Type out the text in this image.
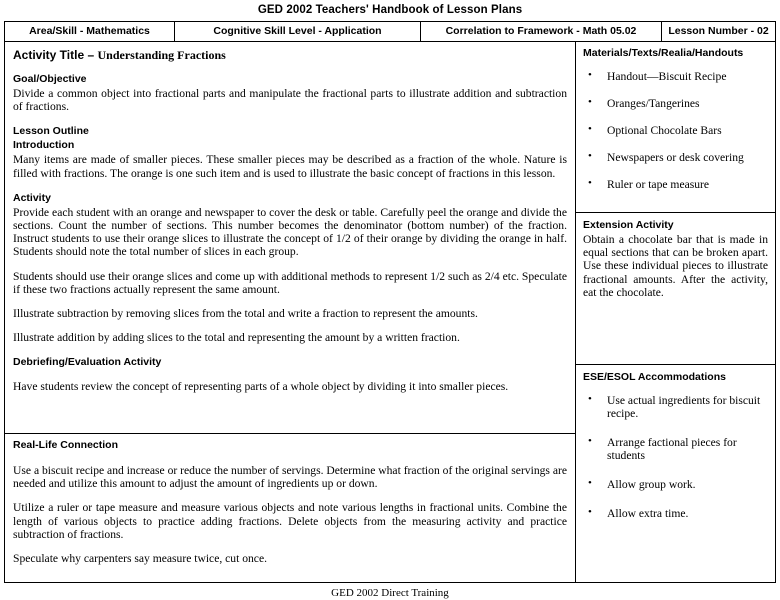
GED 2002 Teachers' Handbook of Lesson Plans
Area/Skill - Mathematics	Cognitive Skill Level - Application	Correlation to Framework - Math 05.02	Lesson Number - 02
Activity Title – Understanding Fractions
Goal/Objective

Divide a common object into fractional parts and manipulate the fractional parts to illustrate addition and subtraction of fractions.

Lesson Outline
Introduction

Many items are made of smaller pieces. These smaller pieces may be described as a fraction of the whole. Nature is filled with fractions. The orange is one such item and is used to illustrate the basic concept of fractions in this lesson.

Activity

Provide each student with an orange and newspaper to cover the desk or table. Carefully peel the orange and divide the sections. Count the number of sections. This number becomes the denominator (bottom number) of the fraction. Instruct students to use their orange slices to illustrate the concept of 1/2 of their orange by dividing the orange in half. Students should note the total number of slices in each group.

Students should use their orange slices and come up with additional methods to represent 1/2 such as 2/4 etc. Speculate if these two fractions actually represent the same amount.

Illustrate subtraction by removing slices from the total and write a fraction to represent the amounts.

Illustrate addition by adding slices to the total and representing the amount by a written fraction.

Debriefing/Evaluation Activity

Have students review the concept of representing parts of a whole object by dividing it into smaller pieces.

Real-Life Connection

Use a biscuit recipe and increase or reduce the number of servings. Determine what fraction of the original servings are needed and utilize this amount to adjust the amount of ingredients up or down.

Utilize a ruler or tape measure and measure various objects and note various lengths in fractional units. Combine the length of various objects to practice adding fractions. Delete objects from the measuring activity and practice subtraction of fractions.

Speculate why carpenters say measure twice, cut once.

Materials/Texts/Realia/Handouts
• Handout—Biscuit Recipe
• Oranges/Tangerines
• Optional Chocolate Bars
• Newspapers or desk covering
• Ruler or tape measure
Extension Activity

Obtain a chocolate bar that is made in equal sections that can be broken apart. Use these individual pieces to illustrate fractional amounts. After the activity, eat the chocolate.

ESE/ESOL Accommodations
• Use actual ingredients for biscuit recipe.
• Arrange factional pieces for students
• Allow group work.
• Allow extra time.
GED 2002 Direct Training
